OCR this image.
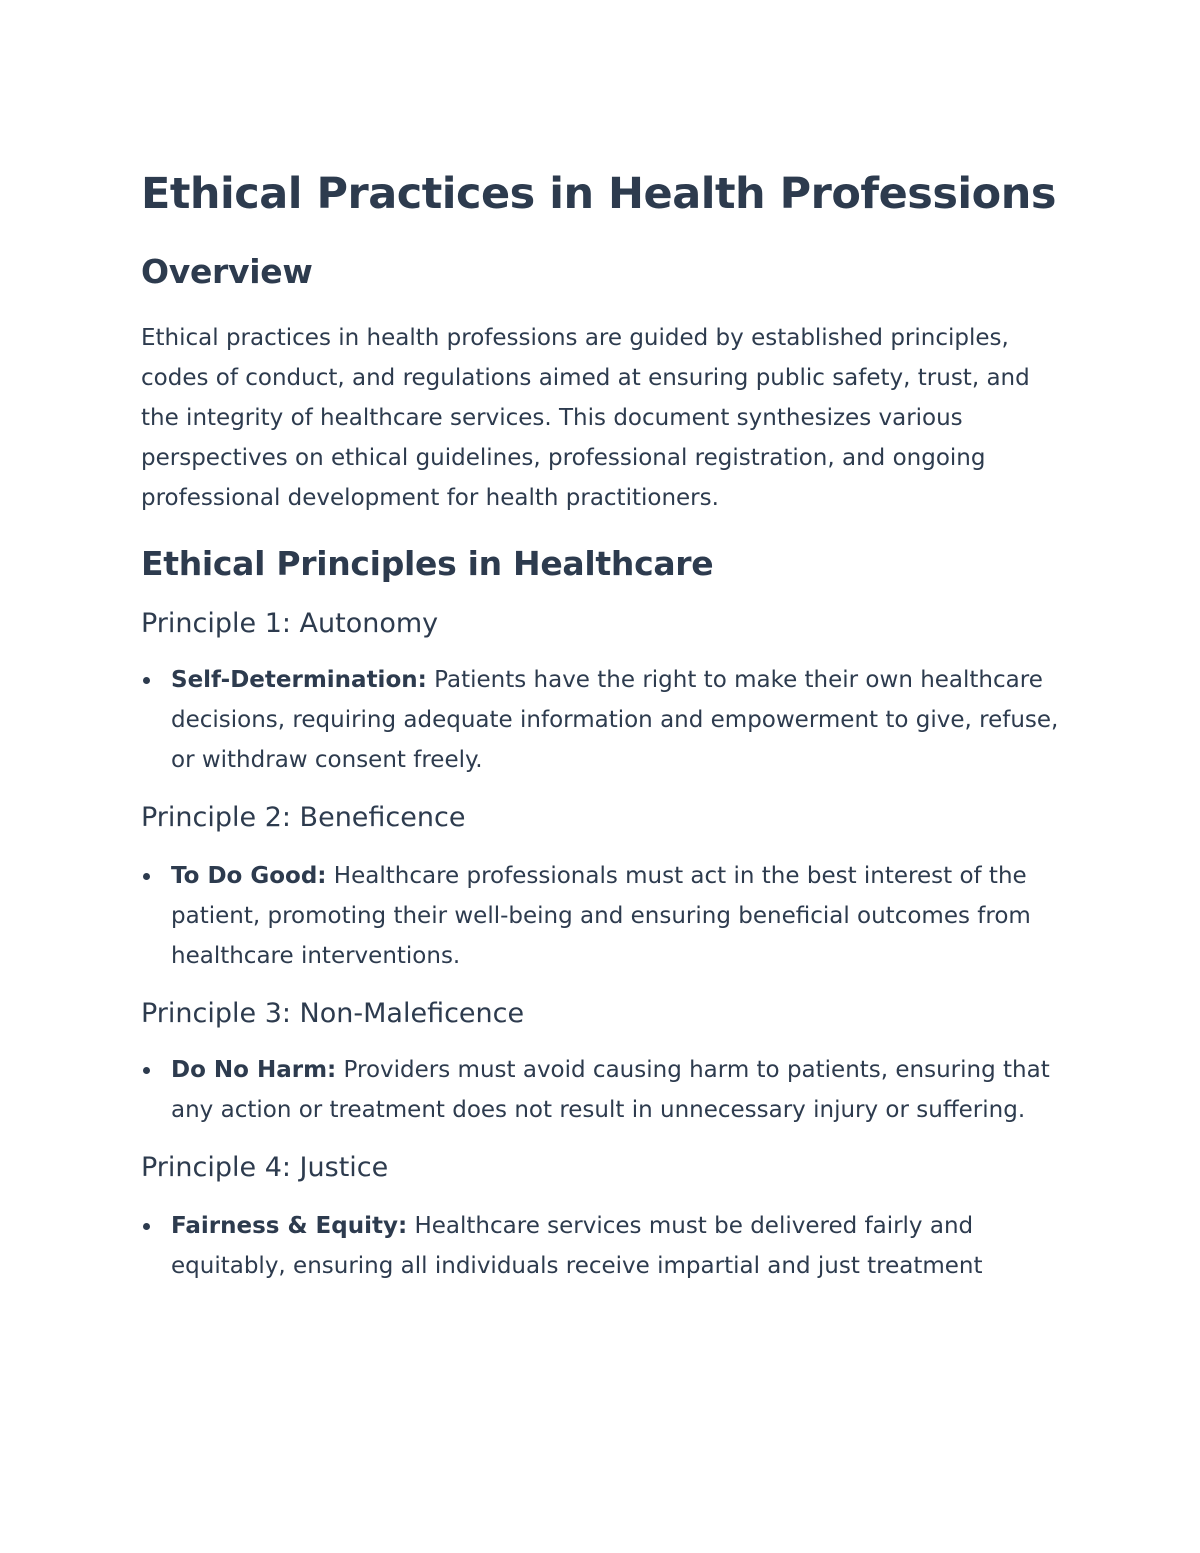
Ethical Practices in Health Professions
Overview

Ethical practices in health professions are guided by established principles, codes of conduct, and regulations aimed at ensuring public safety, trust, and the integrity of healthcare services. This document synthesizes various perspectives on ethical guidelines, professional registration, and ongoing professional development for health practitioners.

Ethical Principles in Healthcare
Principle 1: Autonomy
Self-Determination: Patients have the right to make their own healthcare decisions, requiring adequate information and empowerment to give, refuse, or withdraw consent freely.
Principle 2: Beneficence
To Do Good: Healthcare professionals must act in the best interest of the patient, promoting their well-being and ensuring beneficial outcomes from healthcare interventions.
Principle 3: Non-Maleficence
Do No Harm: Providers must avoid causing harm to patients, ensuring that any action or treatment does not result in unnecessary injury or suffering.
Principle 4: Justice
Fairness & Equity: Healthcare services must be delivered fairly and equitably, ensuring all individuals receive impartial and just treatment
